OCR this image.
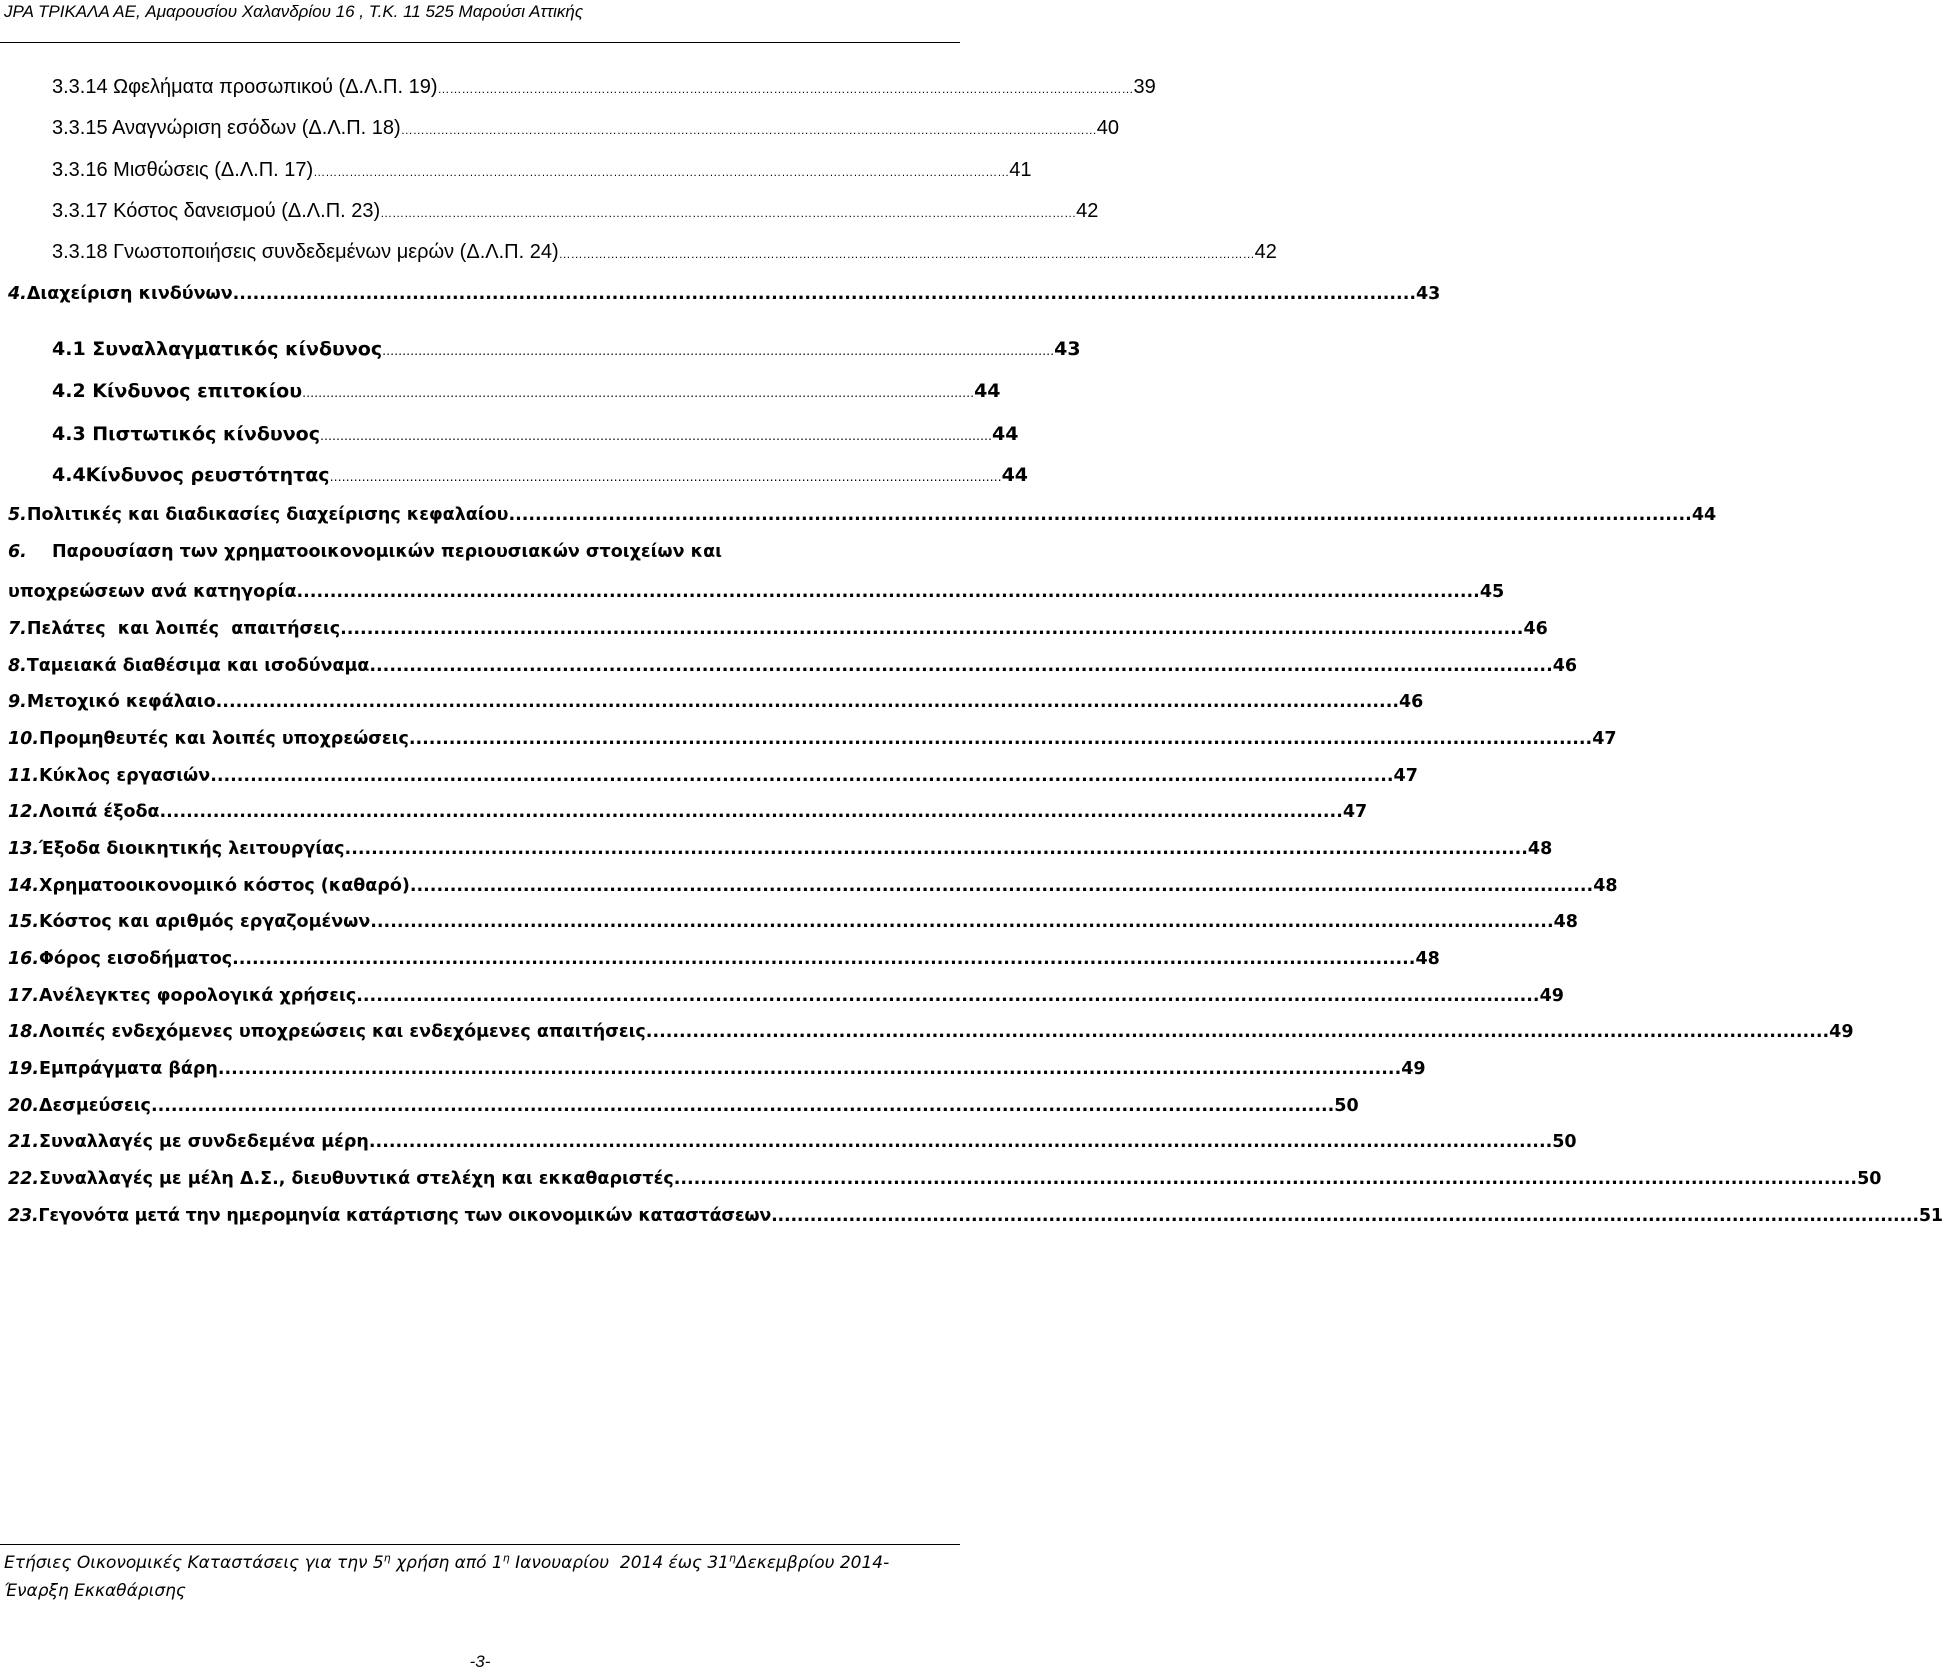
JPA TPIKAΛA AE, Αμαρουσίου Χαλανδρίου 16 , Τ.Κ. 11 525 Μαρούσι Αττικής
3.3.14 Ωφελήματα προσωπικού (Δ.Λ.Π. 19) ………………………………………………………………………………………………………………………………………………………… 39
3.3.15 Αναγνώριση εσόδων (Δ.Λ.Π. 18) ………………………………………………………………………………………………………………………………………………………… 40
3.3.16 Μισθώσεις (Δ.Λ.Π. 17) ………………………………………………………………………………………………………………………………………………………… 41
3.3.17 Κόστος δανεισμού (Δ.Λ.Π. 23) ………………………………………………………………………………………………………………………………………………………… 42
3.3.18 Γνωστοποιήσεις συνδεδεμένων μερών (Δ.Λ.Π. 24) ………………………………………………………………………………………………………………………………………………………… 42
4. Διαχείριση κινδύνων .................................................................................................................................................................................. 43
4.1 Συναλλαγματικός κίνδυνος …………………………………………………………………………………………………………………………………………………… 43
4.2 Κίνδυνος επιτοκίου …………………………………………………………………………………………………………………………………………………… 44
4.3 Πιστωτικός κίνδυνος …………………………………………………………………………………………………………………………………………………… 44
4.4Κίνδυνος ρευστότητας …………………………………………………………………………………………………………………………………………………… 44
5. Πολιτικές και διαδικασίες διαχείρισης κεφαλαίου .................................................................................................................................................................................. 44
6. Παρουσίαση των χρηματοοικονομικών περιουσιακών στοιχείων και
υποχρεώσεων ανά κατηγορία .................................................................................................................................................................................. 45
7. Πελάτες  και λοιπές  απαιτήσεις .................................................................................................................................................................................. 46
8. Ταμειακά διαθέσιμα και ισοδύναμα .................................................................................................................................................................................. 46
9. Μετοχικό κεφάλαιο .................................................................................................................................................................................. 46
10. Προμηθευτές και λοιπές υποχρεώσεις .................................................................................................................................................................................. 47
11. Κύκλος εργασιών .................................................................................................................................................................................. 47
12. Λοιπά έξοδα .................................................................................................................................................................................. 47
13. Έξοδα διοικητικής λειτουργίας .................................................................................................................................................................................. 48
14. Χρηματοοικονομικό κόστος (καθαρό) .................................................................................................................................................................................. 48
15. Κόστος και αριθμός εργαζομένων .................................................................................................................................................................................. 48
16. Φόρος εισοδήματος .................................................................................................................................................................................. 48
17. Ανέλεγκτες φορολογικά χρήσεις .................................................................................................................................................................................. 49
18. Λοιπές ενδεχόμενες υποχρεώσεις και ενδεχόμενες απαιτήσεις .................................................................................................................................................................................. 49
19. Εμπράγματα βάρη .................................................................................................................................................................................. 49
20. Δεσμεύσεις .................................................................................................................................................................................. 50
21. Συναλλαγές με συνδεδεμένα μέρη .................................................................................................................................................................................. 50
22. Συναλλαγές με μέλη Δ.Σ., διευθυντικά στελέχη και εκκαθαριστές .................................................................................................................................................................................. 50
23. Γεγονότα μετά την ημερομηνία κατάρτισης των οικονομικών καταστάσεων .................................................................................................................................................................................. 51
Ετήσιες Οικονομικές Καταστάσεις για την $5^\eta$ χρήση από $1^\eta$ Ιανουαρίου  2014 έως $31^\eta\Delta\varepsilon\kappa\varepsilon\mu\beta\rho ίo\upsilon$ 2014-
Έναρξη Εκκαθάρισης
-3-
